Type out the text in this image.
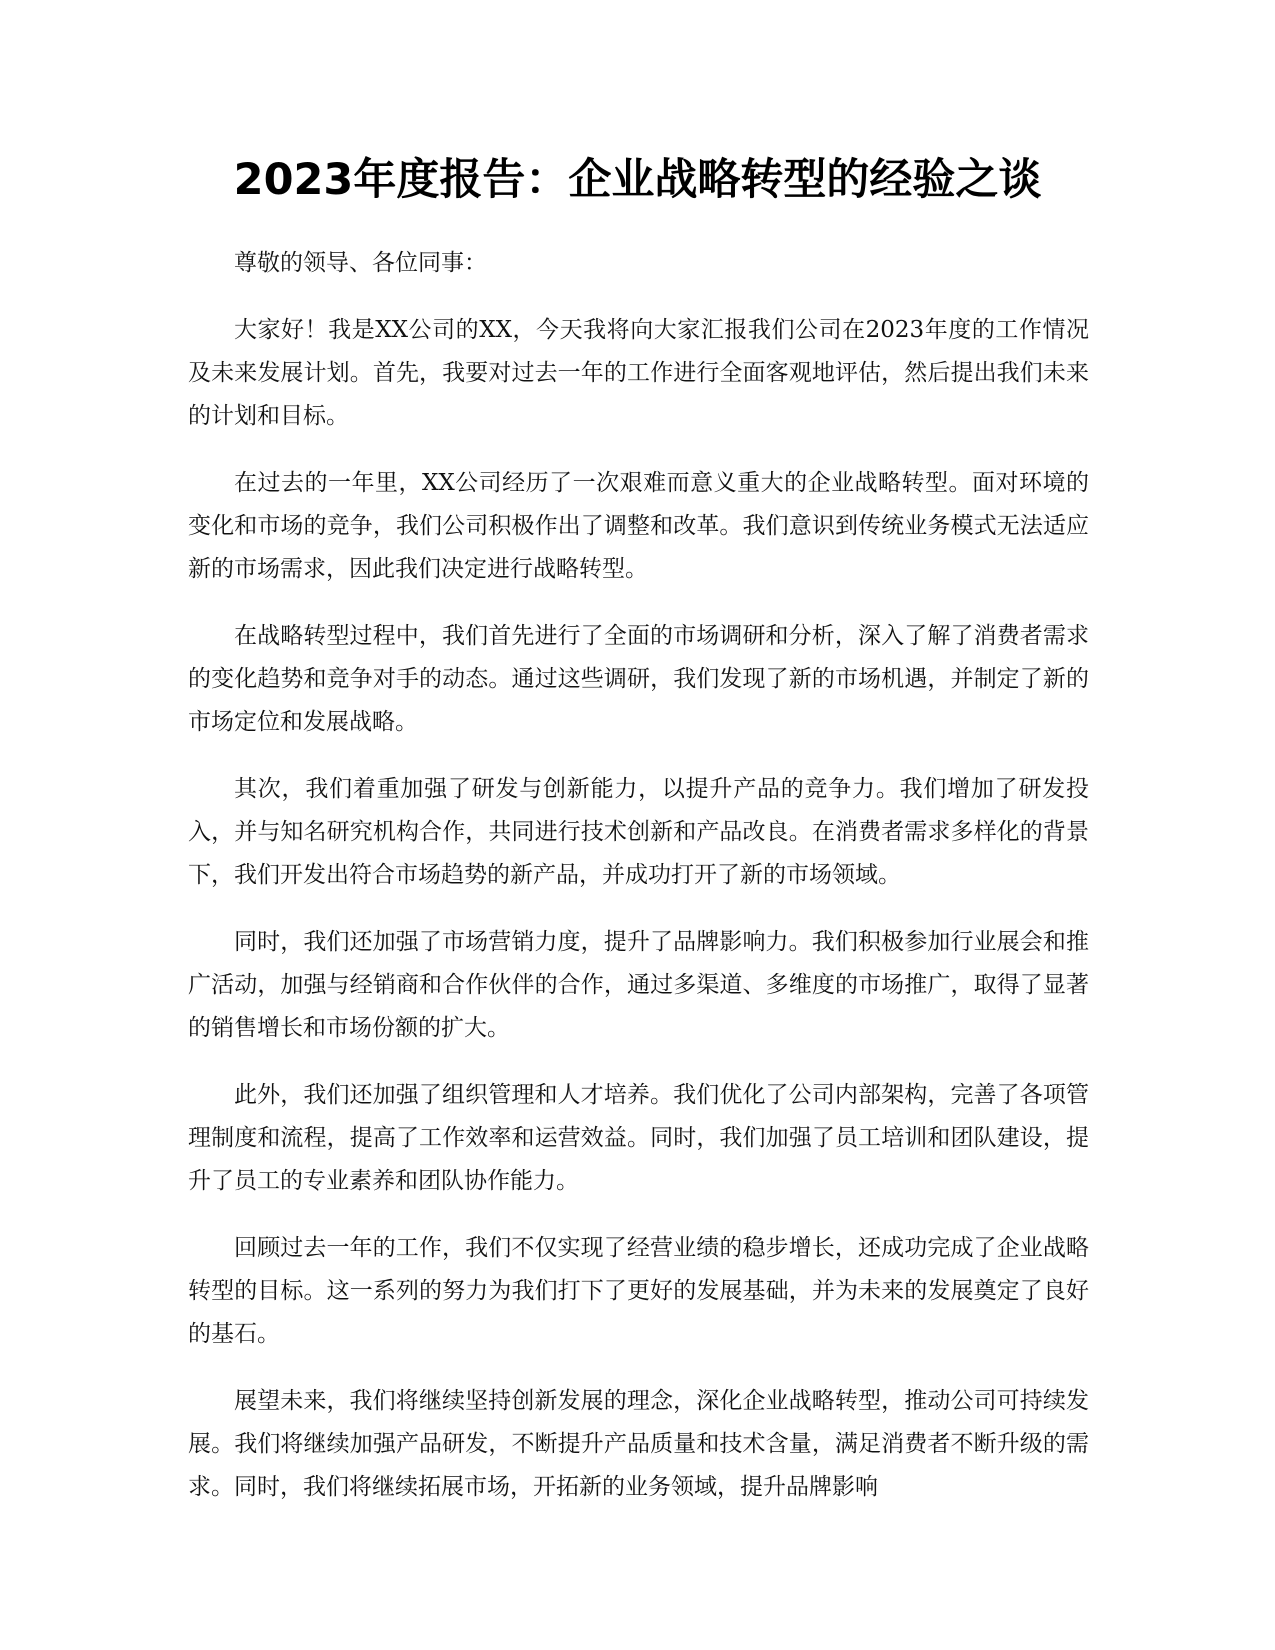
2023年度报告：企业战略转型的经验之谈

尊敬的领导、各位同事：

大家好！我是XX公司的XX，今天我将向大家汇报我们公司在2023年度的工作情况及未来发展计划。首先，我要对过去一年的工作进行全面客观地评估，然后提出我们未来的计划和目标。

在过去的一年里，XX公司经历了一次艰难而意义重大的企业战略转型。面对环境的变化和市场的竞争，我们公司积极作出了调整和改革。我们意识到传统业务模式无法适应新的市场需求，因此我们决定进行战略转型。

在战略转型过程中，我们首先进行了全面的市场调研和分析，深入了解了消费者需求的变化趋势和竞争对手的动态。通过这些调研，我们发现了新的市场机遇，并制定了新的市场定位和发展战略。

其次，我们着重加强了研发与创新能力，以提升产品的竞争力。我们增加了研发投入，并与知名研究机构合作，共同进行技术创新和产品改良。在消费者需求多样化的背景下，我们开发出符合市场趋势的新产品，并成功打开了新的市场领域。

同时，我们还加强了市场营销力度，提升了品牌影响力。我们积极参加行业展会和推广活动，加强与经销商和合作伙伴的合作，通过多渠道、多维度的市场推广，取得了显著的销售增长和市场份额的扩大。

此外，我们还加强了组织管理和人才培养。我们优化了公司内部架构，完善了各项管理制度和流程，提高了工作效率和运营效益。同时，我们加强了员工培训和团队建设，提升了员工的专业素养和团队协作能力。

回顾过去一年的工作，我们不仅实现了经营业绩的稳步增长，还成功完成了企业战略转型的目标。这一系列的努力为我们打下了更好的发展基础，并为未来的发展奠定了良好的基石。

展望未来，我们将继续坚持创新发展的理念，深化企业战略转型，推动公司可持续发展。我们将继续加强产品研发，不断提升产品质量和技术含量，满足消费者不断升级的需求。同时，我们将继续拓展市场，开拓新的业务领域，提升品牌影响
